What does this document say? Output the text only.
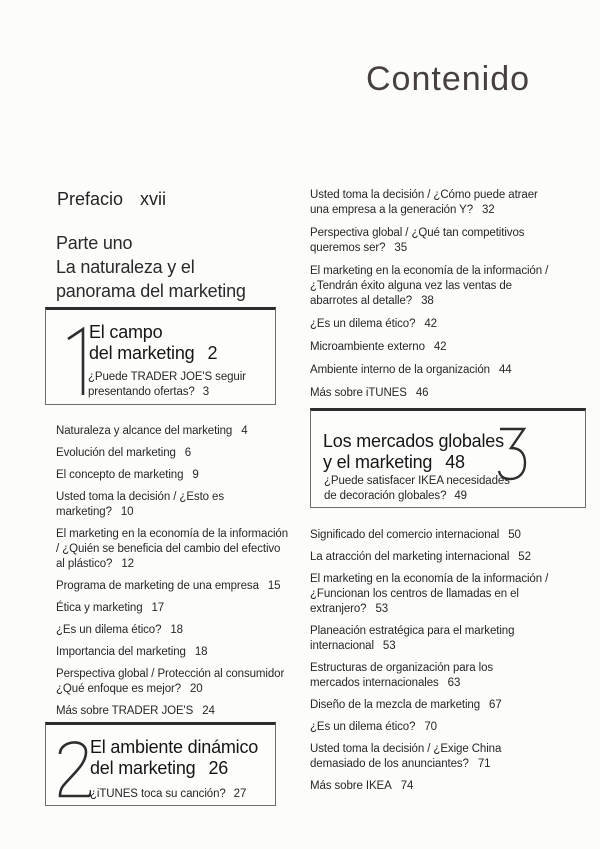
Contenido
Prefacio xvii
Parte uno
La naturaleza y el
panorama del marketing
El campo
del marketing 2
¿Puede TRADER JOE'S seguir
presentando ofertas? 3
Naturaleza y alcance del marketing 4
Evolución del marketing 6
El concepto de marketing 9
Usted toma la decisión / ¿Esto es
marketing? 10
El marketing en la economía de la información
/ ¿Quién se beneficia del cambio del efectivo
al plástico? 12
Programa de marketing de una empresa 15
Ética y marketing 17
¿Es un dilema ético? 18
Importancia del marketing 18
Perspectiva global / Protección al consumidor
¿Qué enfoque es mejor? 20
Más sobre TRADER JOE'S 24
El ambiente dinámico
del marketing 26
¿iTUNES toca su canción? 27
Usted toma la decisión / ¿Cómo puede atraer
una empresa a la generación Y? 32
Perspectiva global / ¿Qué tan competitivos
queremos ser? 35
El marketing en la economía de la información /
¿Tendrán éxito alguna vez las ventas de
abarrotes al detalle? 38
¿Es un dilema ético? 42
Microambiente externo 42
Ambiente interno de la organización 44
Más sobre iTUNES 46
Los mercados globales
y el marketing 48
¿Puede satisfacer IKEA necesidades
de decoración globales? 49
Significado del comercio internacional 50
La atracción del marketing internacional 52
El marketing en la economía de la información /
¿Funcionan los centros de llamadas en el
extranjero? 53
Planeación estratégica para el marketing
internacional 53
Estructuras de organización para los
mercados internacionales 63
Diseño de la mezcla de marketing 67
¿Es un dilema ético? 70
Usted toma la decisión / ¿Exige China
demasiado de los anunciantes? 71
Más sobre IKEA 74
